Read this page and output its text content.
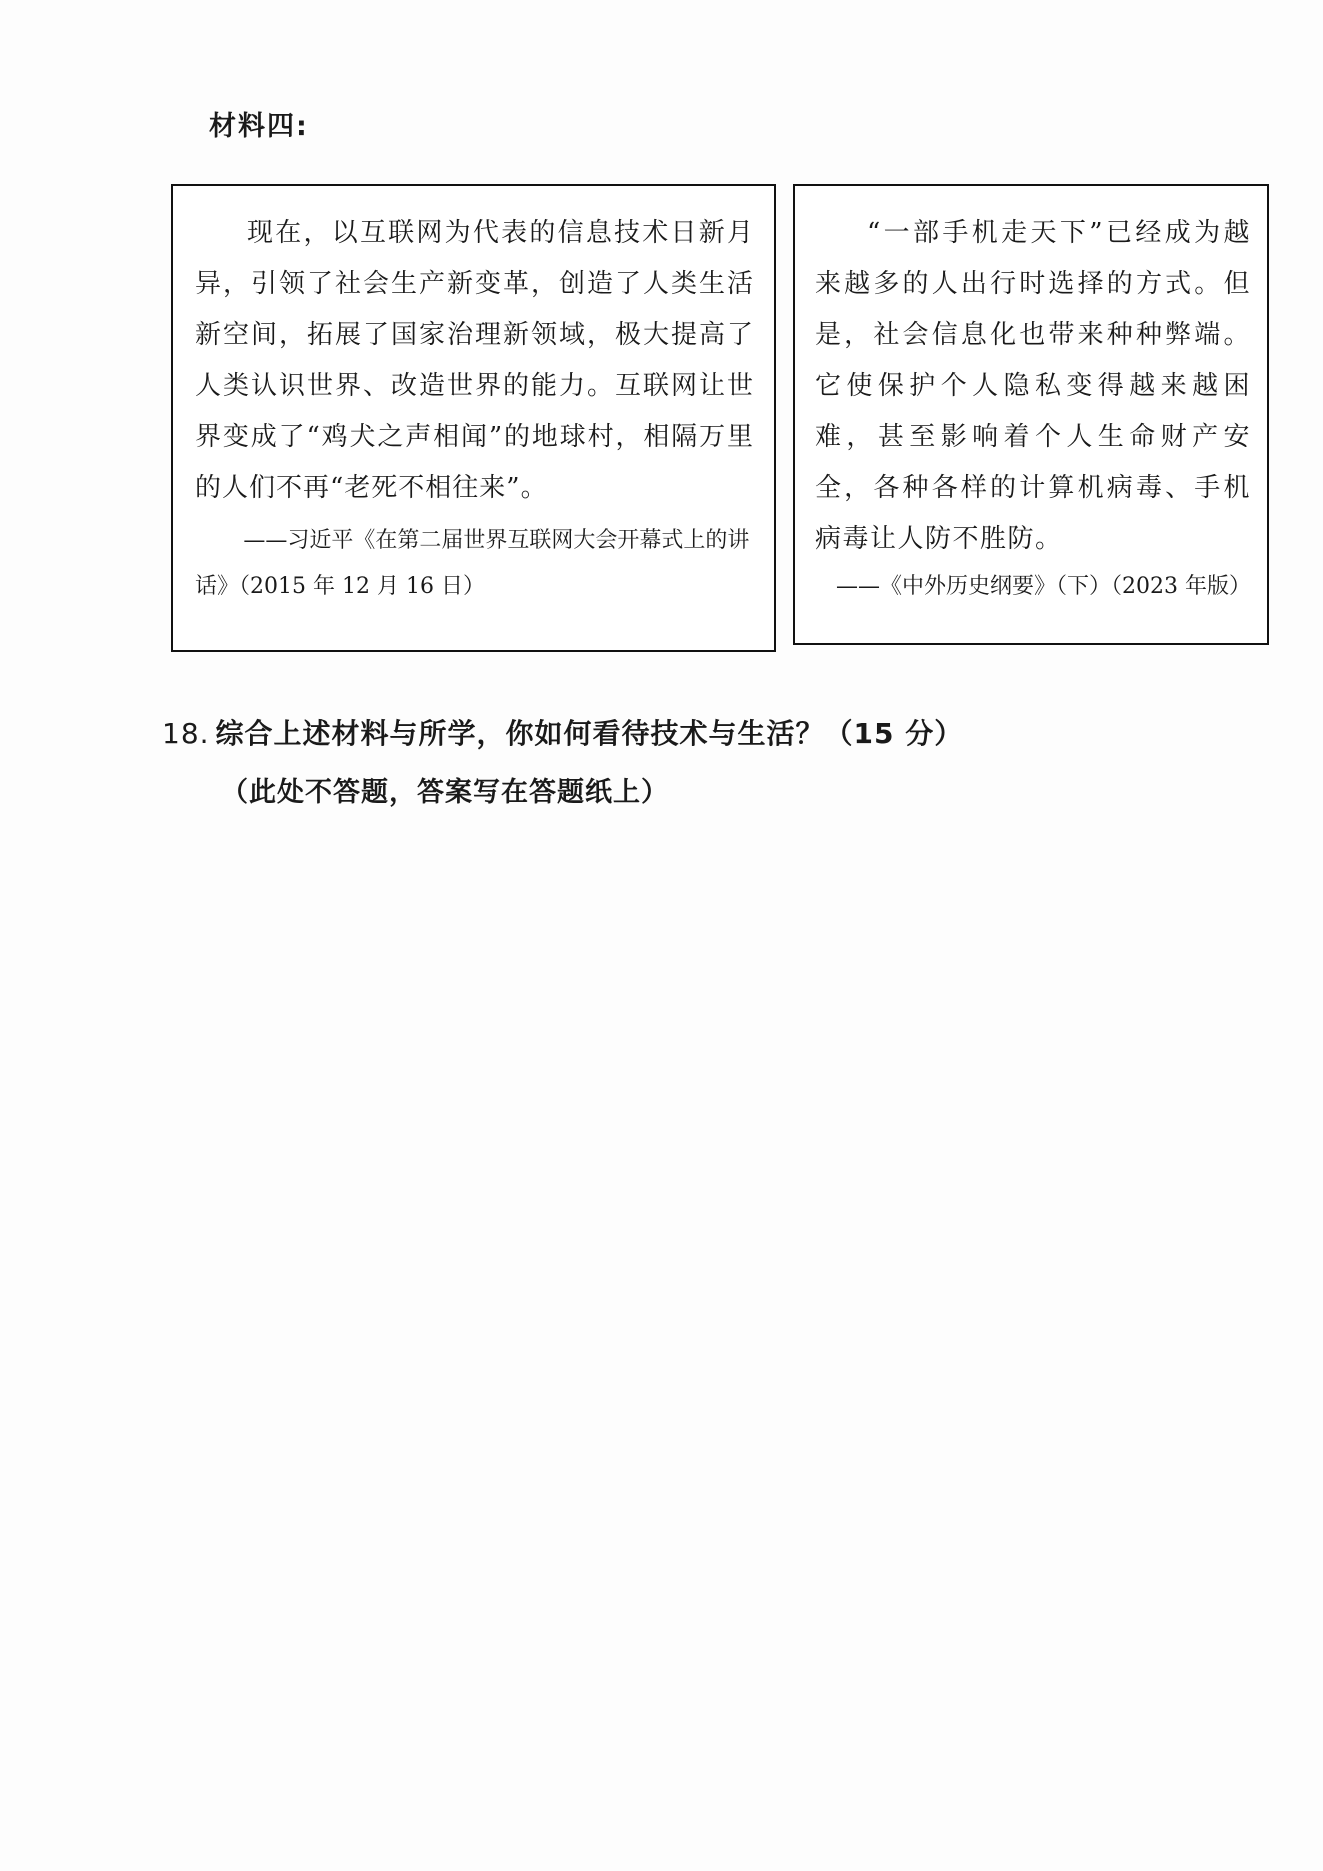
材料四:

现在，以互联网为代表的信息技术日新月异，引领了社会生产新变革，创造了人类生活新空间，拓展了国家治理新领域，极大提高了人类认识世界、改造世界的能力。互联网让世界变成了“鸡犬之声相闻”的地球村，相隔万里的人们不再“老死不相往来”。

——习近平《在第二届世界互联网大会开幕式上的讲话》（2015 年 12 月 16 日）

“一部手机走天下”已经成为越来越多的人出行时选择的方式。但是，社会信息化也带来种种弊端。它使保护个人隐私变得越来越困难，甚至影响着个人生命财产安全，各种各样的计算机病毒、手机病毒让人防不胜防。

——《中外历史纲要》（下）（2023 年版）

18. 综合上述材料与所学，你如何看待技术与生活？（15 分）
（此处不答题，答案写在答题纸上）
